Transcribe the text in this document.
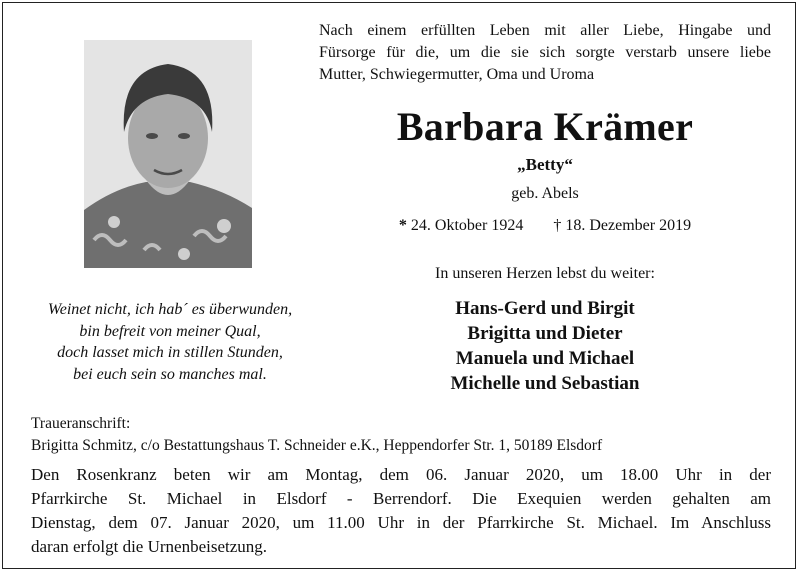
Nach einem erfüllten Leben mit aller Liebe, Hingabe und
Fürsorge für die, um die sie sich sorgte verstarb unsere liebe
Mutter, Schwiegermutter, Oma und Uroma
Barbara Krämer
„Betty“
geb. Abels
* 24. Oktober 1924 † 18. Dezember 2019
In unseren Herzen lebst du weiter:
Hans-Gerd und Birgit
Brigitta und Dieter
Manuela und Michael
Michelle und Sebastian
Weinet nicht, ich hab´ es überwunden,
bin befreit von meiner Qual,
doch lasset mich in stillen Stunden,
bei euch sein so manches mal.
Traueranschrift:
Brigitta Schmitz, c/o Bestattungshaus T. Schneider e.K., Heppendorfer Str. 1, 50189 Elsdorf
Den Rosenkranz beten wir am Montag, dem 06. Januar 2020, um 18.00 Uhr in der
Pfarrkirche St. Michael in Elsdorf - Berrendorf. Die Exequien werden gehalten am
Dienstag, dem 07. Januar 2020, um 11.00 Uhr in der Pfarrkirche St. Michael. Im Anschluss
daran erfolgt die Urnenbeisetzung.
